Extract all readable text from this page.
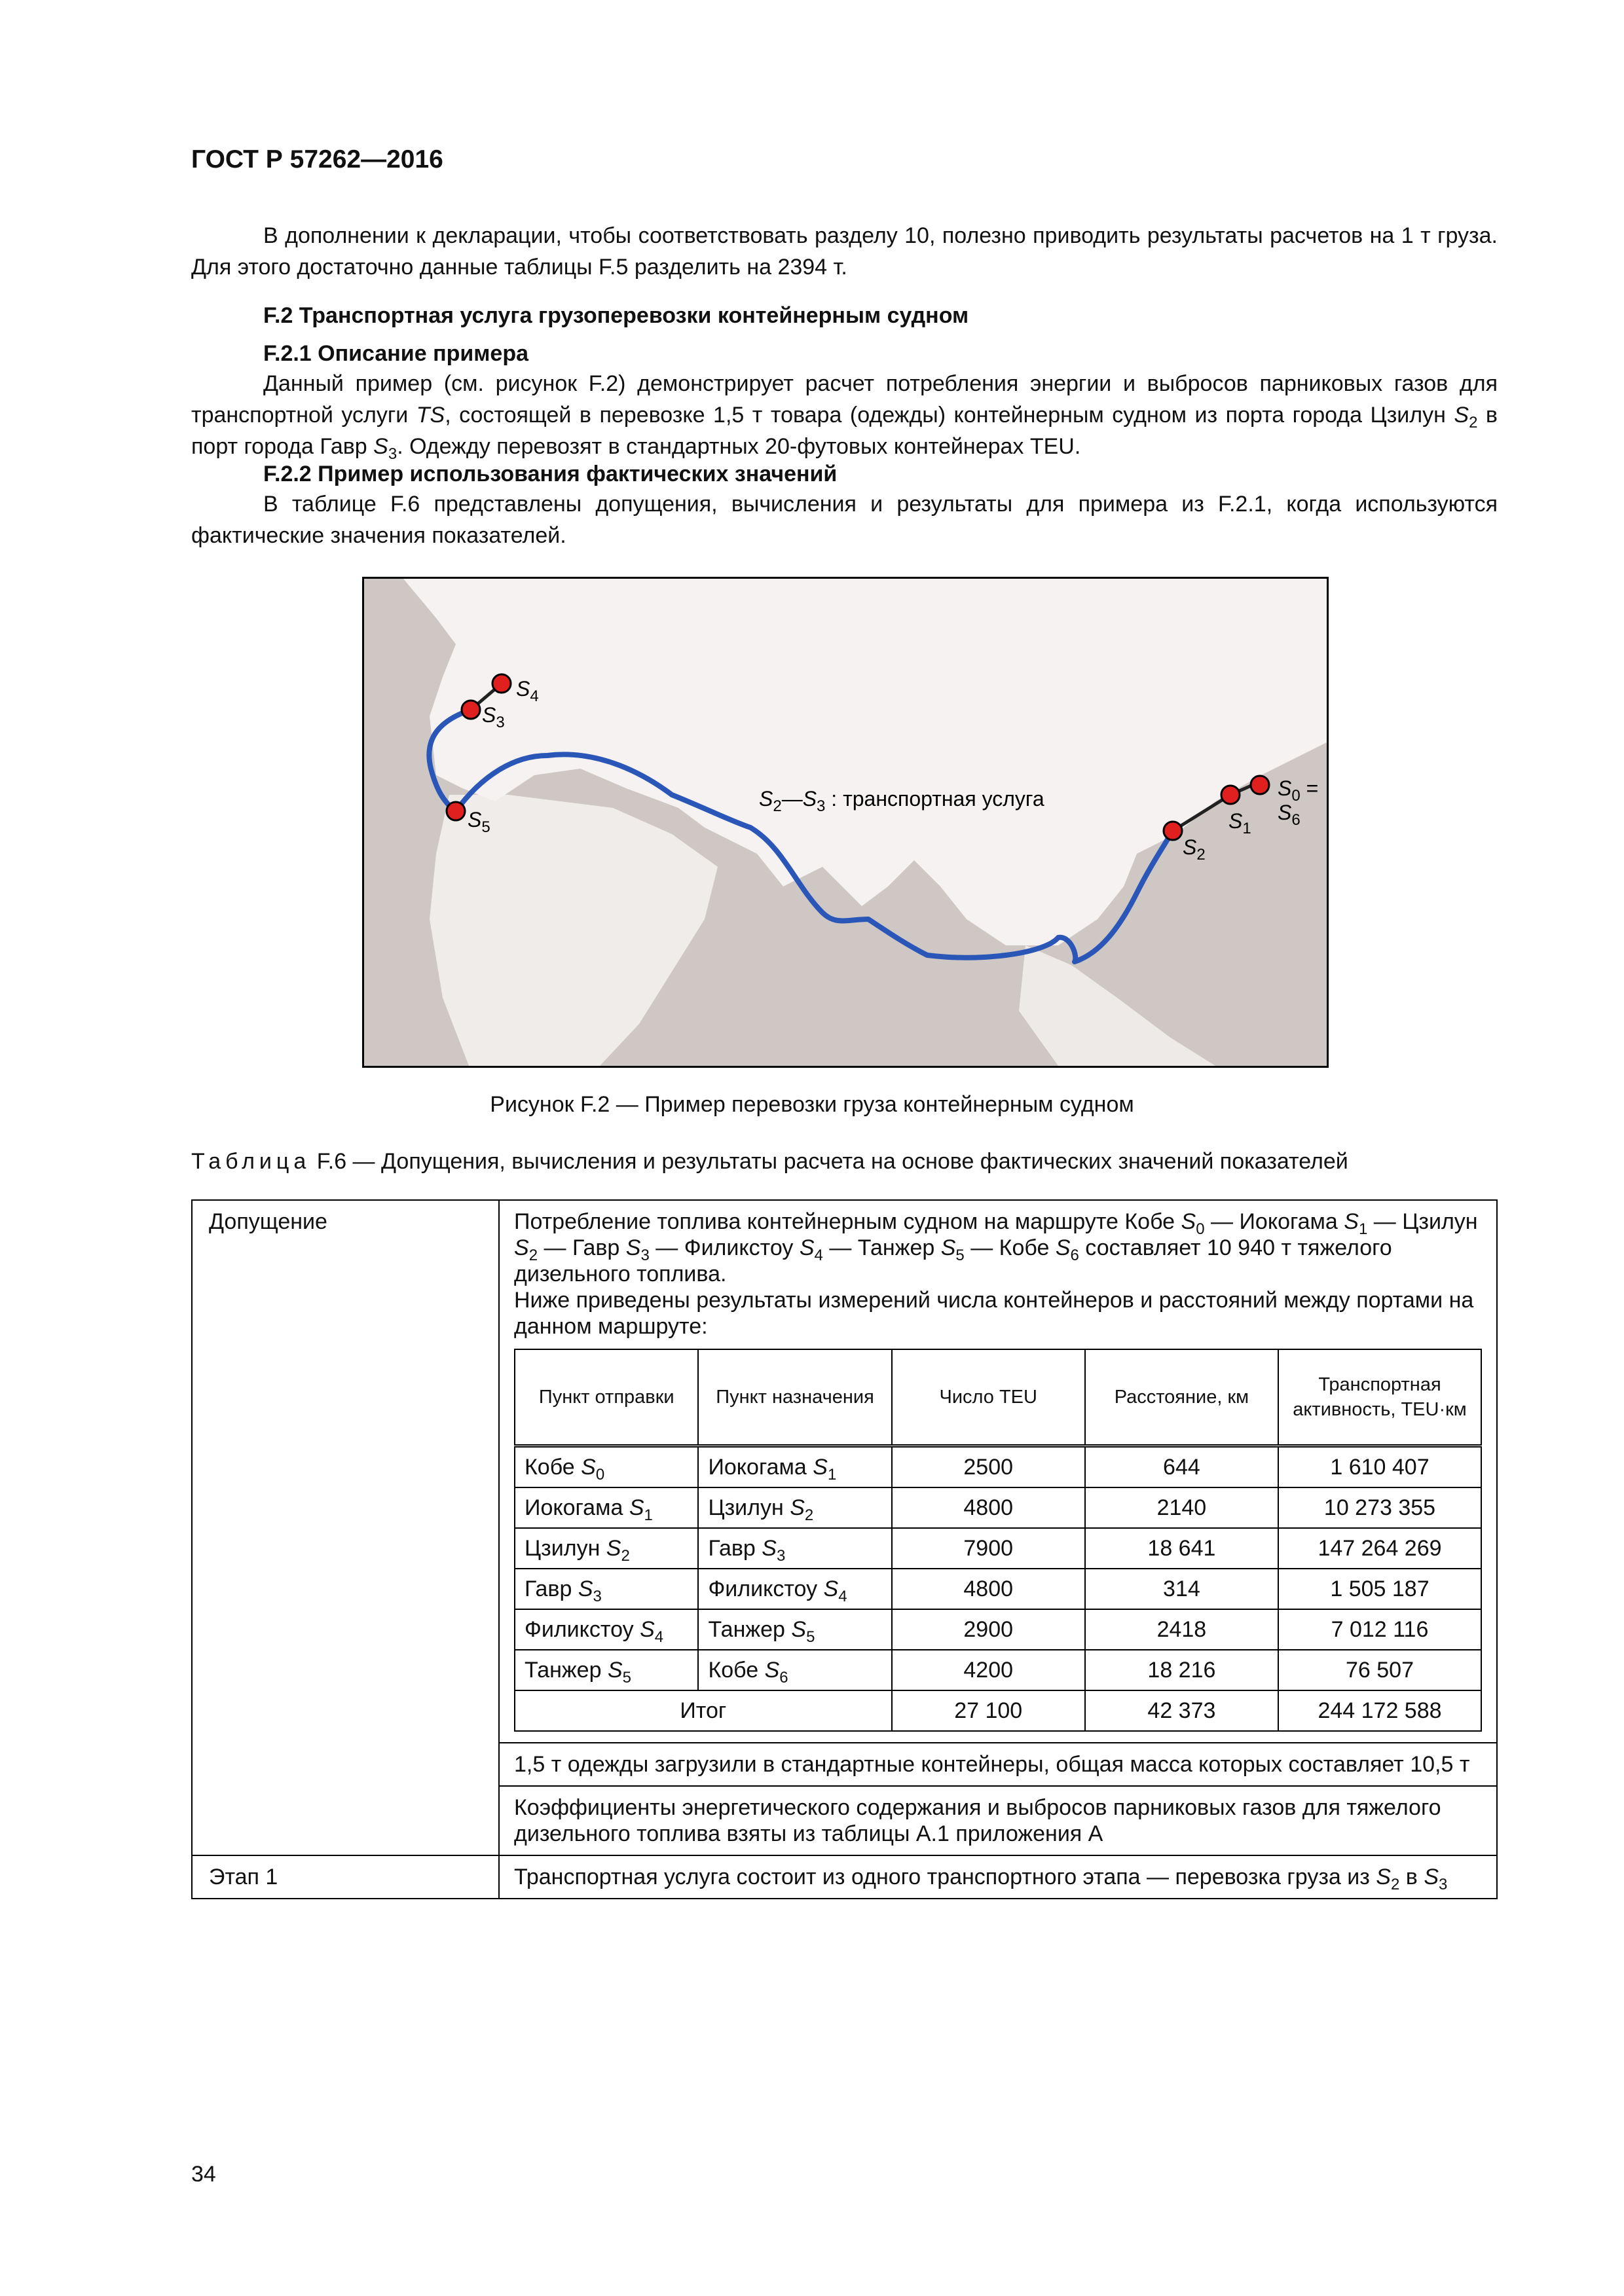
ГОСТ Р 57262—2016

В дополнении к декларации, чтобы соответствовать разделу 10, полезно приводить результаты расчетов на 1 т груза. Для этого достаточно данные таблицы F.5 разделить на 2394 т.

F.2 Транспортная услуга грузоперевозки контейнерным судном
F.2.1 Описание примера

Данный пример (см. рисунок F.2) демонстрирует расчет потребления энергии и выбросов парниковых газов для транспортной услуги TS, состоящей в перевозке 1,5 т товара (одежды) контейнерным судном из порта города Цзилун $S_2$ в порт города Гавр $S_3$. Одежду перевозят в стандартных 20-футовых контейнерах TEU.

F.2.2 Пример использования фактических значений

В таблице F.6 представлены допущения, вычисления и результаты для примера из F.2.1, когда используются фактические значения показателей.

$S_4$
$S_3$
$S_5$
$S_2—S_3$ : транспортная услуга	$S_0 = S_6$
$S_1$
$S_2$
Рисунок F.2 — Пример перевозки груза контейнерным судном
Таблица F.6 — Допущения, вычисления и результаты расчета на основе фактических значений показателей
Допущение	Потребление топлива контейнерным судном на маршруте Кобе $S_0$ — Иокогама $S_1$ — Цзилун $S_2$ — Гавр $S_3$ — Филикстоу $S_4$ — Танжер $S_5$ — Кобе $S_6$ составляет 10 940 т тяжелого дизельного топлива.
Ниже приведены результаты измерений числа контейнеров и расстояний между портами на данном маршруте:
Пункт отправки	Пункт назначения	Число TEU	Расстояние, км	Транспортная активность, TEU·км
Кобе $S_0$	Иокогама $S_1$	2500	644	1 610 407
Иокогама $S_1$	Цзилун $S_2$	4800	2140	10 273 355
Цзилун $S_2$	Гавр $S_3$	7900	18 641	147 264 269
Гавр $S_3$	Филикстоу $S_4$	4800	314	1 505 187
Филикстоу $S_4$	Танжер $S_5$	2900	2418	7 012 116
Танжер $S_5$	Кобе $S_6$	4200	18 216	76 507
Итог	27 100	42 373	244 172 588

1,5 т одежды загрузили в стандартные контейнеры, общая масса которых составляет 10,5 т
Коэффициенты энергетического содержания и выбросов парниковых газов для тяжелого дизельного топлива взяты из таблицы А.1 приложения А
Этап 1	Транспортная услуга состоит из одного транспортного этапа — перевозка груза из $S_2$ в $S_3$
34
